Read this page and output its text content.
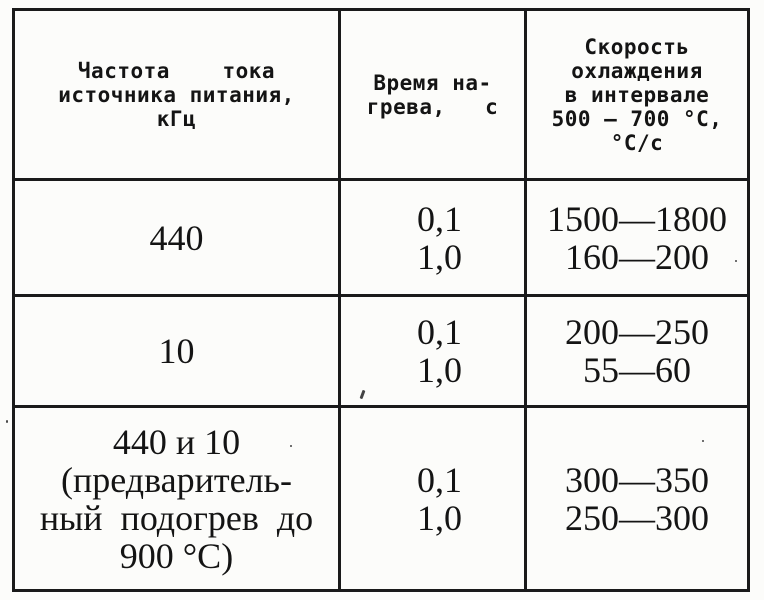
Частота    тока
источника питания,
кГц
Время на-
грева,   с
Скорость
охлаждения
в интервале
500 — 700 °С,
°С/с
440	0,1
1,0
1500—1800
160—200
10	0,1
1,0
200—250
55—60
440 и 10
(предваритель-
ный  подогрев  до
900 °С)
0,1
1,0
300—350
250—300
